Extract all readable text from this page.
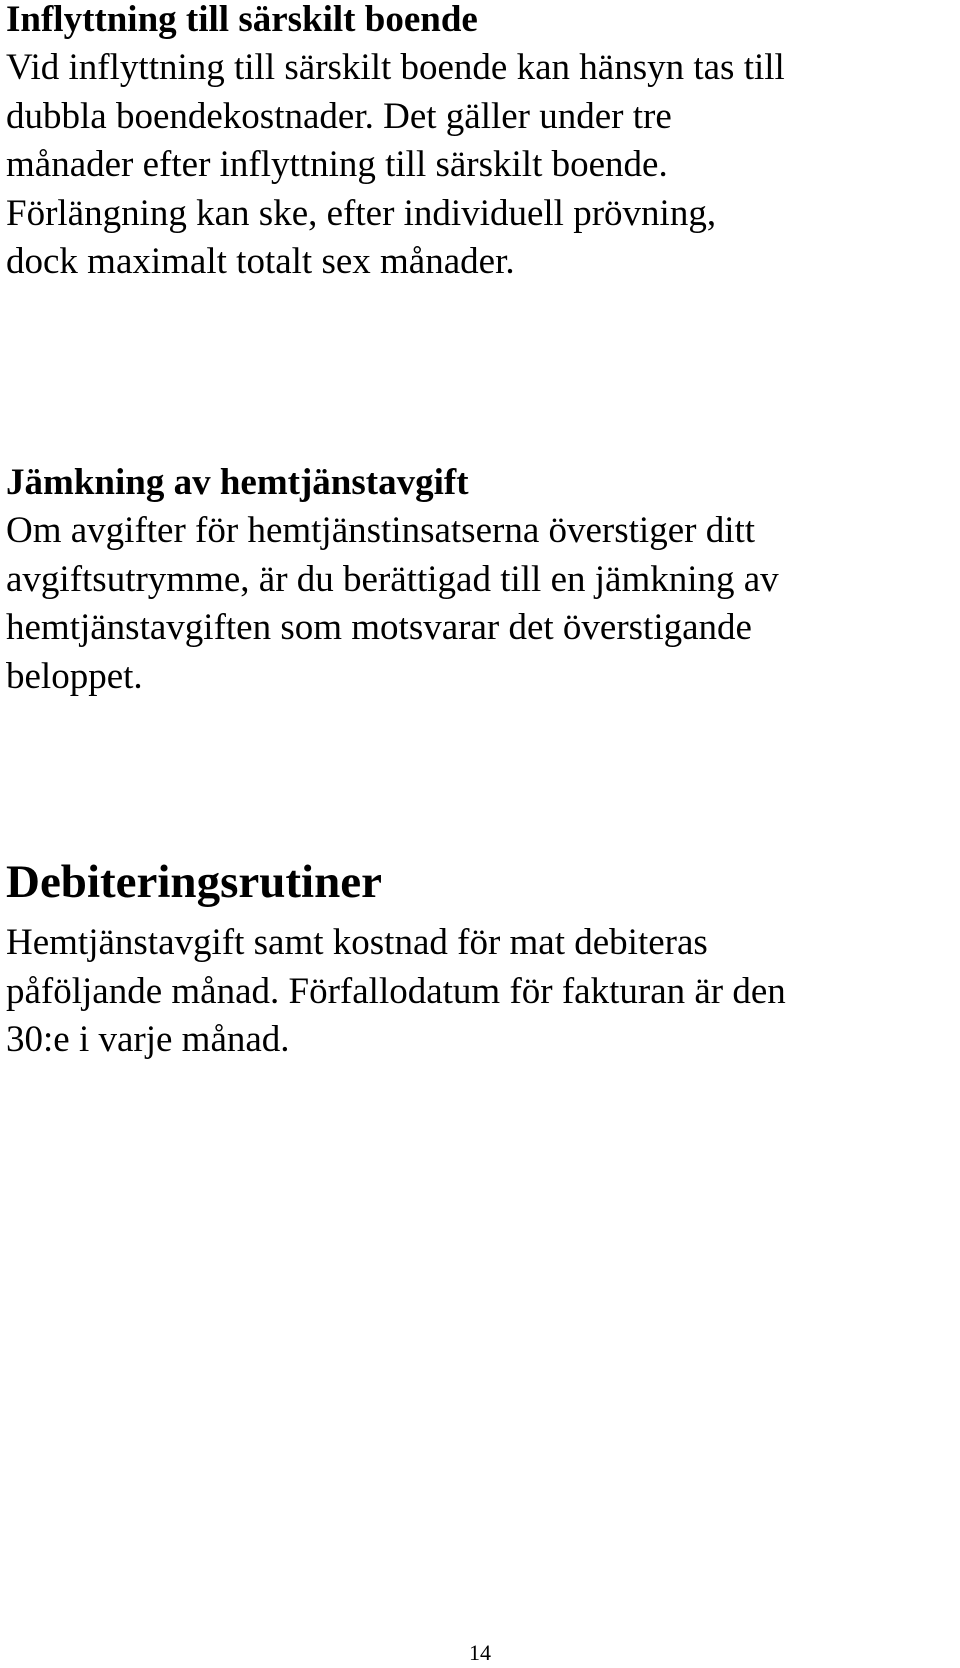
Inflyttning till särskilt boende

Vid inflyttning till särskilt boende kan hänsyn tas till

dubbla boendekostnader. Det gäller under tre

månader efter inflyttning till särskilt boende.

Förlängning kan ske, efter individuell prövning,

dock maximalt totalt sex månader.

Jämkning av hemtjänstavgift

Om avgifter för hemtjänstinsatserna överstiger ditt

avgiftsutrymme, är du berättigad till en jämkning av

hemtjänstavgiften som motsvarar det överstigande

beloppet.

Debiteringsrutiner

Hemtjänstavgift samt kostnad för mat debiteras

påföljande månad. Förfallodatum för fakturan är den

30:e i varje månad.

14
